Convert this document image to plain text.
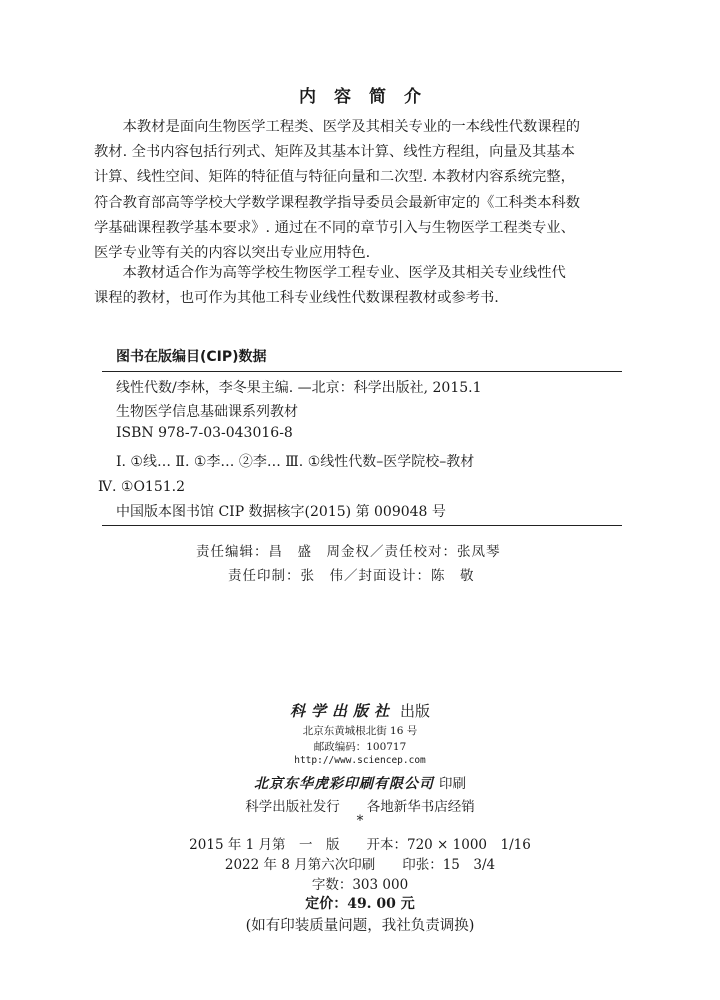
内容简介
　　本教材是面向生物医学工程类、医学及其相关专业的一本线性代数课程的
教材. 全书内容包括行列式、矩阵及其基本计算、线性方程组，向量及其基本
计算、线性空间、矩阵的特征值与特征向量和二次型. 本教材内容系统完整，
符合教育部高等学校大学数学课程教学指导委员会最新审定的《工科类本科数
学基础课程教学基本要求》. 通过在不同的章节引入与生物医学工程类专业、
医学专业等有关的内容以突出专业应用特色.
　　本教材适合作为高等学校生物医学工程专业、医学及其相关专业线性代
课程的教材，也可作为其他工科专业线性代数课程教材或参考书.
图书在版编目(CIP)数据
线性代数/李林，李冬果主编. —北京：科学出版社, 2015.1
生物医学信息基础课系列教材
ISBN 978-7-03-043016-8
Ⅰ. ①线… Ⅱ. ①李… ②李… Ⅲ. ①线性代数–医学院校–教材
Ⅳ. ①O151.2
中国版本图书馆 CIP 数据核字(2015) 第 009048 号
责任编辑：昌　盛　周金权／责任校对：张凤琴
责任印制：张　伟／封面设计：陈　敬
科学出版社 出版
北京东黄城根北街 16 号
邮政编码：100717
http://www.sciencep.com
北京东华虎彩印刷有限公司 印刷
科学出版社发行　　各地新华书店经销
*
2015 年 1 月第　一　版　　开本：720 × 1000　1/16
2022 年 8 月第六次印刷　　印张：15　3/4
字数：303 000
定价：49. 00 元
(如有印装质量问题，我社负责调换)
